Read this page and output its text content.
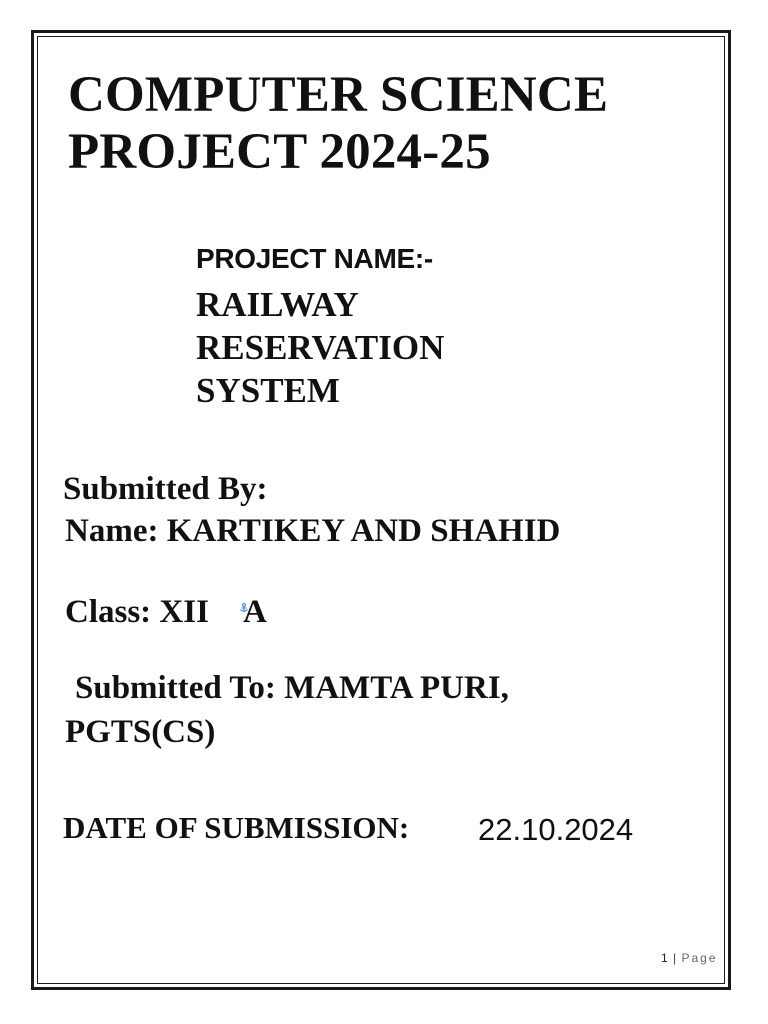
COMPUTER SCIENCE

PROJECT 2024-25

PROJECT NAME:-

RAILWAY

RESERVATION

SYSTEM

Submitted By:

Name: KARTIKEY AND SHAHID

Class: XII A

Submitted To: MAMTA PURI,

PGTS(CS)

DATE OF SUBMISSION: 22.10.2024

1 | Page
